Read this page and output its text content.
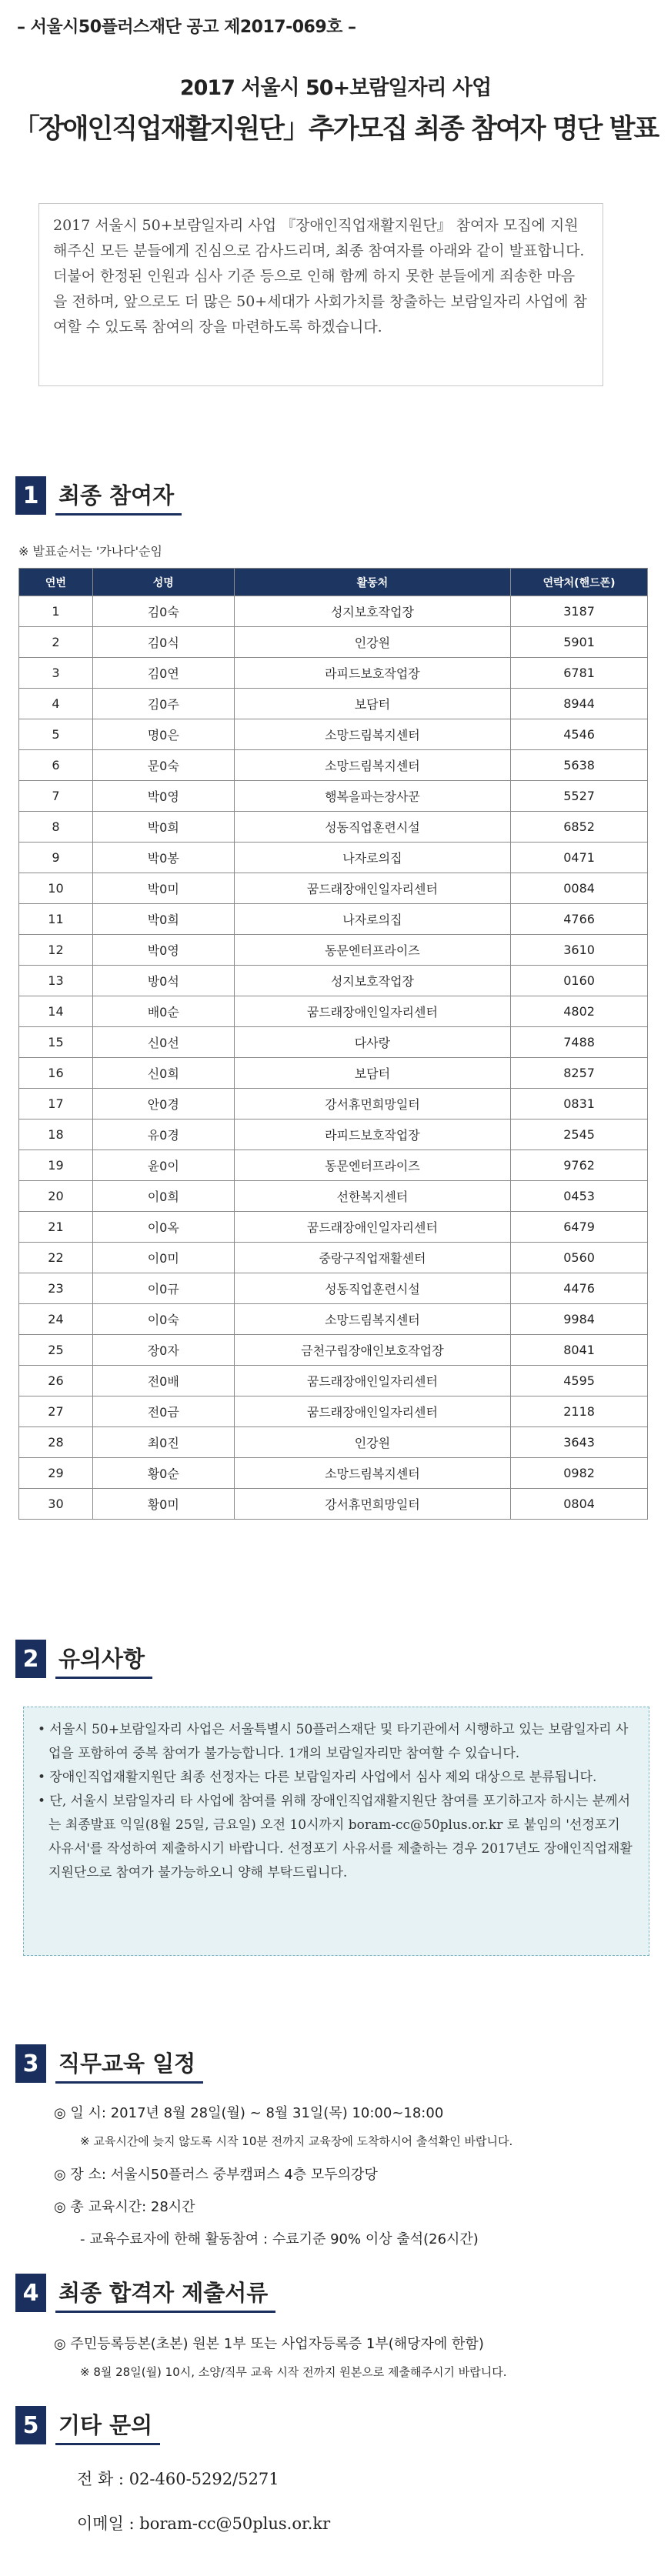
– 서울시50플러스재단 공고 제2017-069호 –
2017 서울시 50+보람일자리 사업
「장애인직업재활지원단」추가모집 최종 참여자 명단 발표

2017 서울시 50+보람일자리 사업 『장애인직업재활지원단』 참여자 모집에 지원해주신 모든 분들에게 진심으로 감사드리며, 최종 참여자를 아래와 같이 발표합니다.

더불어 한정된 인원과 심사 기준 등으로 인해 함께 하지 못한 분들에게 죄송한 마음을 전하며, 앞으로도 더 많은 50+세대가 사회가치를 창출하는 보람일자리 사업에 참여할 수 있도록 참여의 장을 마련하도록 하겠습니다.

1 최종 참여자
※ 발표순서는 '가나다'순임
연번	성명	활동처	연락처(핸드폰)
1	김0숙	성지보호작업장	3187
2	김0식	인강원	5901
3	김0연	라피드보호작업장	6781
4	김0주	보담터	8944
5	명0은	소망드림복지센터	4546
6	문0숙	소망드림복지센터	5638
7	박0영	행복을파는장사꾼	5527
8	박0희	성동직업훈련시설	6852
9	박0봉	나자로의집	0471
10	박0미	꿈드래장애인일자리센터	0084
11	박0희	나자로의집	4766
12	박0영	동문엔터프라이즈	3610
13	방0석	성지보호작업장	0160
14	배0순	꿈드래장애인일자리센터	4802
15	신0선	다사랑	7488
16	신0희	보담터	8257
17	안0경	강서휴먼희망일터	0831
18	유0경	라피드보호작업장	2545
19	윤0이	동문엔터프라이즈	9762
20	이0희	선한복지센터	0453
21	이0옥	꿈드래장애인일자리센터	6479
22	이0미	중랑구직업재활센터	0560
23	이0규	성동직업훈련시설	4476
24	이0숙	소망드림복지센터	9984
25	장0자	금천구립장애인보호작업장	8041
26	전0배	꿈드래장애인일자리센터	4595
27	전0금	꿈드래장애인일자리센터	2118
28	최0진	인강원	3643
29	황0순	소망드림복지센터	0982
30	황0미	강서휴먼희망일터	0804
2 유의사항

• 서울시 50+보람일자리 사업은 서울특별시 50플러스재단 및 타기관에서 시행하고 있는 보람일자리 사업을 포함하여 중복 참여가 불가능합니다. 1개의 보람일자리만 참여할 수 있습니다.

• 장애인직업재활지원단 최종 선정자는 다른 보람일자리 사업에서 심사 제외 대상으로 분류됩니다.

• 단, 서울시 보람일자리 타 사업에 참여를 위해 장애인직업재활지원단 참여를 포기하고자 하시는 분께서는 최종발표 익일(8월 25일, 금요일) 오전 10시까지 boram-cc@50plus.or.kr 로 붙임의 '선정포기 사유서'를 작성하여 제출하시기 바랍니다. 선정포기 사유서를 제출하는 경우 2017년도 장애인직업재활지원단으로 참여가 불가능하오니 양해 부탁드립니다.

3 직무교육 일정
◎ 일 시: 2017년 8월 28일(월) ~ 8월 31일(목) 10:00~18:00
※ 교육시간에 늦지 않도록 시작 10분 전까지 교육장에 도착하시어 출석확인 바랍니다.
◎ 장 소: 서울시50플러스 중부캠퍼스 4층 모두의강당
◎ 총 교육시간: 28시간
- 교육수료자에 한해 활동참여 : 수료기준 90% 이상 출석(26시간)
4 최종 합격자 제출서류
◎ 주민등록등본(초본) 원본 1부 또는 사업자등록증 1부(해당자에 한함)
※ 8월 28일(월) 10시, 소양/직무 교육 시작 전까지 원본으로 제출해주시기 바랍니다.
5 기타 문의
전 화 : 02-460-5292/5271
이메일 : boram-cc@50plus.or.kr
